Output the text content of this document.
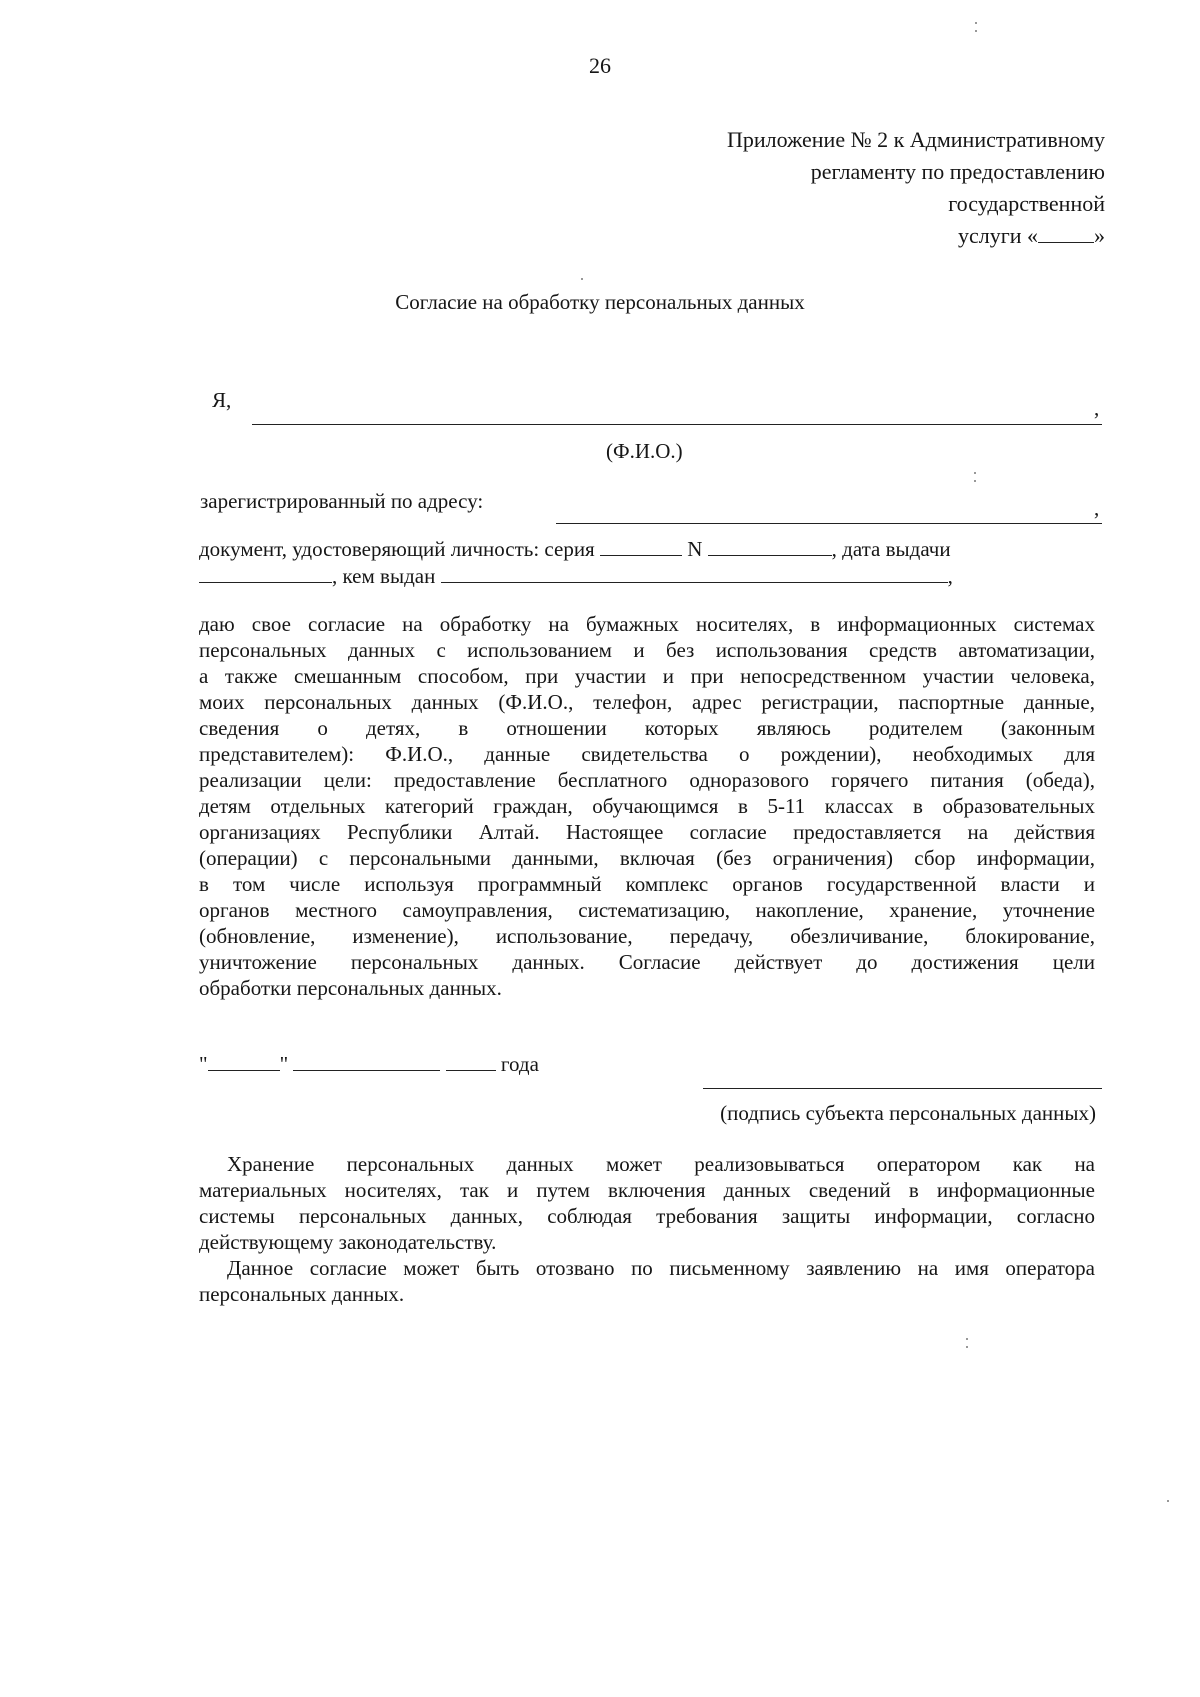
26
Приложение № 2 к Административному
регламенту по предоставлению
государственной
услуги «	»
Согласие на обработку персональных данных
Я,	,
(Ф.И.О.)
зарегистрированный по адресу:	,
документ, удостоверяющий личность: серия	N	, дата выдачи
, кем выдан	,
даю свое согласие на обработку на бумажных носителях, в информационных системах
персональных данных с использованием и без использования средств автоматизации,
а также смешанным способом, при участии и при непосредственном участии человека,
моих персональных данных (Ф.И.О., телефон, адрес регистрации, паспортные данные,
сведения о детях, в отношении которых являюсь родителем (законным
представителем): Ф.И.О., данные свидетельства о рождении), необходимых для
реализации цели: предоставление бесплатного одноразового горячего питания (обеда),
детям отдельных категорий граждан, обучающимся в 5-11 классах в образовательных
организациях Республики Алтай. Настоящее согласие предоставляется на действия
(операции) с персональными данными, включая (без ограничения) сбор информации,
в том числе используя программный комплекс органов государственной власти и
органов местного самоуправления, систематизацию, накопление, хранение, уточнение
(обновление, изменение), использование, передачу, обезличивание, блокирование,
уничтожение персональных данных. Согласие действует до достижения цели
обработки персональных данных.
"	"	года
(подпись субъекта персональных данных)
Хранение персональных данных может реализовываться оператором как на
материальных носителях, так и путем включения данных сведений в информационные
системы персональных данных, соблюдая требования защиты информации, согласно
действующему законодательству.
Данное согласие может быть отозвано по письменному заявлению на имя оператора
персональных данных.
